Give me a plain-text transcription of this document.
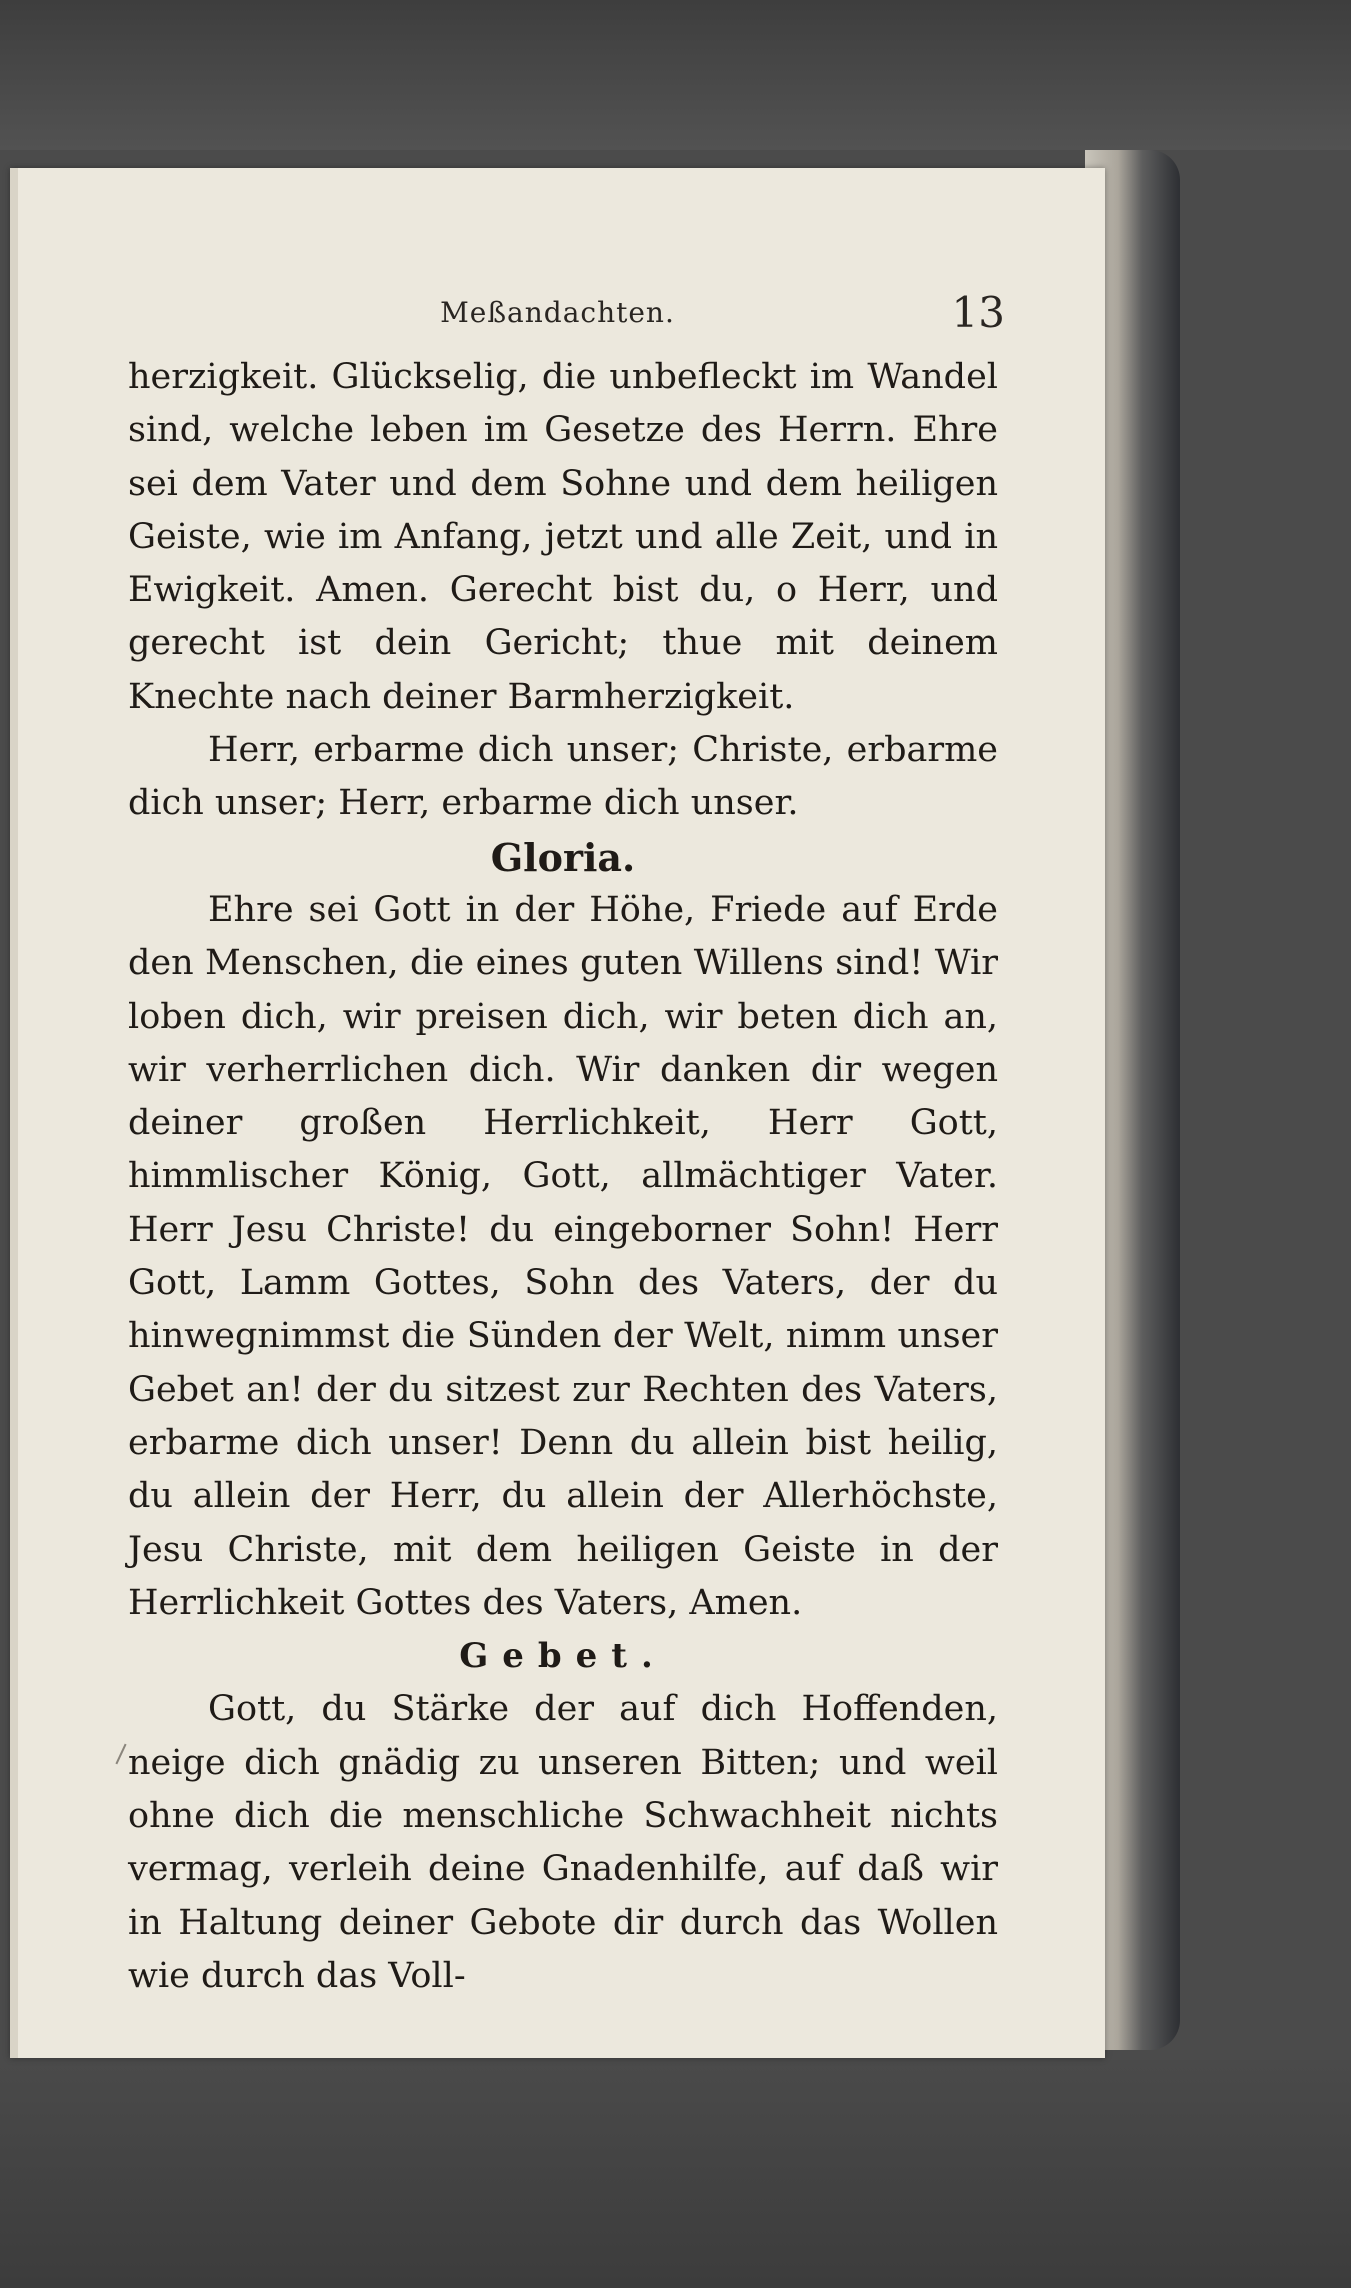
Meßandachten.	13

herzigkeit. Glückselig, die unbefleckt im Wandel sind, welche leben im Gesetze des Herrn. Ehre sei dem Vater und dem Sohne und dem heiligen Geiste, wie im Anfang, jetzt und alle Zeit, und in Ewigkeit. Amen. Gerecht bist du, o Herr, und gerecht ist dein Gericht; thue mit deinem Knechte nach deiner Barmherzigkeit.

Herr, erbarme dich unser; Christe, erbarme dich unser; Herr, erbarme dich unser.

Gloria.

Ehre sei Gott in der Höhe, Friede auf Erde den Menschen, die eines guten Willens sind! Wir loben dich, wir preisen dich, wir beten dich an, wir verherrlichen dich. Wir danken dir wegen deiner großen Herrlichkeit, Herr Gott, himmlischer König, Gott, allmächtiger Vater. Herr Jesu Christe! du eingeborner Sohn! Herr Gott, Lamm Gottes, Sohn des Vaters, der du hinwegnimmst die Sünden der Welt, nimm unser Gebet an! der du sitzest zur Rechten des Vaters, erbarme dich unser! Denn du allein bist heilig, du allein der Herr, du allein der Allerhöchste, Jesu Christe, mit dem heiligen Geiste in der Herrlichkeit Gottes des Vaters, Amen.

Gebet.

Gott, du Stärke der auf dich Hoffenden, neige dich gnädig zu unseren Bitten; und weil ohne dich die menschliche Schwachheit nichts vermag, verleih deine Gnadenhilfe, auf daß wir in Haltung deiner Gebote dir durch das Wollen wie durch das Voll-
